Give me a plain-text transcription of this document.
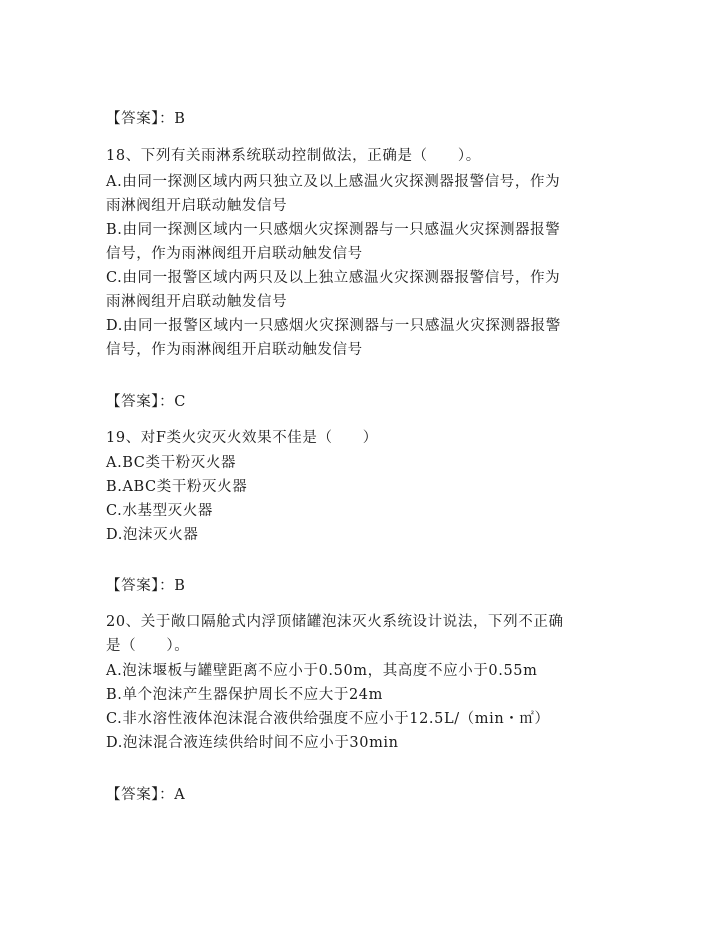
【答案】：B
18、下列有关雨淋系统联动控制做法，正确是（　　）。
A.由同一探测区域内两只独立及以上感温火灾探测器报警信号，作为
雨淋阀组开启联动触发信号
B.由同一探测区域内一只感烟火灾探测器与一只感温火灾探测器报警
信号，作为雨淋阀组开启联动触发信号
C.由同一报警区域内两只及以上独立感温火灾探测器报警信号，作为
雨淋阀组开启联动触发信号
D.由同一报警区域内一只感烟火灾探测器与一只感温火灾探测器报警
信号，作为雨淋阀组开启联动触发信号
【答案】：C
19、对F类火灾灭火效果不佳是（　　）
A.BC类干粉灭火器
B.ABC类干粉灭火器
C.水基型灭火器
D.泡沫灭火器
【答案】：B
20、关于敞口隔舱式内浮顶储罐泡沫灭火系统设计说法，下列不正确
是（　　）。
A.泡沫堰板与罐壁距离不应小于0.50m，其高度不应小于0.55m
B.单个泡沫产生器保护周长不应大于24m
C.非水溶性液体泡沫混合液供给强度不应小于12.5L/（min・㎡）
D.泡沫混合液连续供给时间不应小于30min
【答案】：A
